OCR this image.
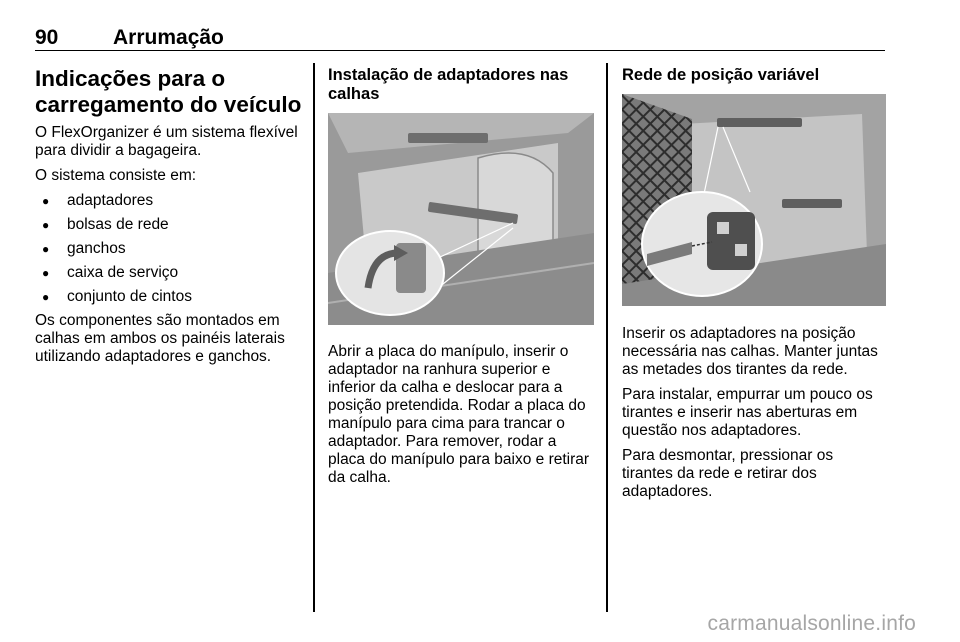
90	Arrumação
Indicações para o carregamento do veículo

O FlexOrganizer é um sistema flexível para dividir a bagageira.

O sistema consiste em:

● adaptadores
● bolsas de rede
● ganchos
● caixa de serviço
● conjunto de cintos

Os componentes são montados em calhas em ambos os painéis laterais utilizando adaptadores e ganchos.

Instalação de adaptadores nas calhas

Abrir a placa do manípulo, inserir o adaptador na ranhura superior e inferior da calha e deslocar para a posição pretendida. Rodar a placa do manípulo para cima para trancar o adaptador. Para remover, rodar a placa do manípulo para baixo e retirar da calha.

Rede de posição variável

Inserir os adaptadores na posição necessária nas calhas. Manter juntas as metades dos tirantes da rede.

Para instalar, empurrar um pouco os tirantes e inserir nas aberturas em questão nos adaptadores.

Para desmontar, pressionar os tirantes da rede e retirar dos adaptadores.

carmanualsonline.info
